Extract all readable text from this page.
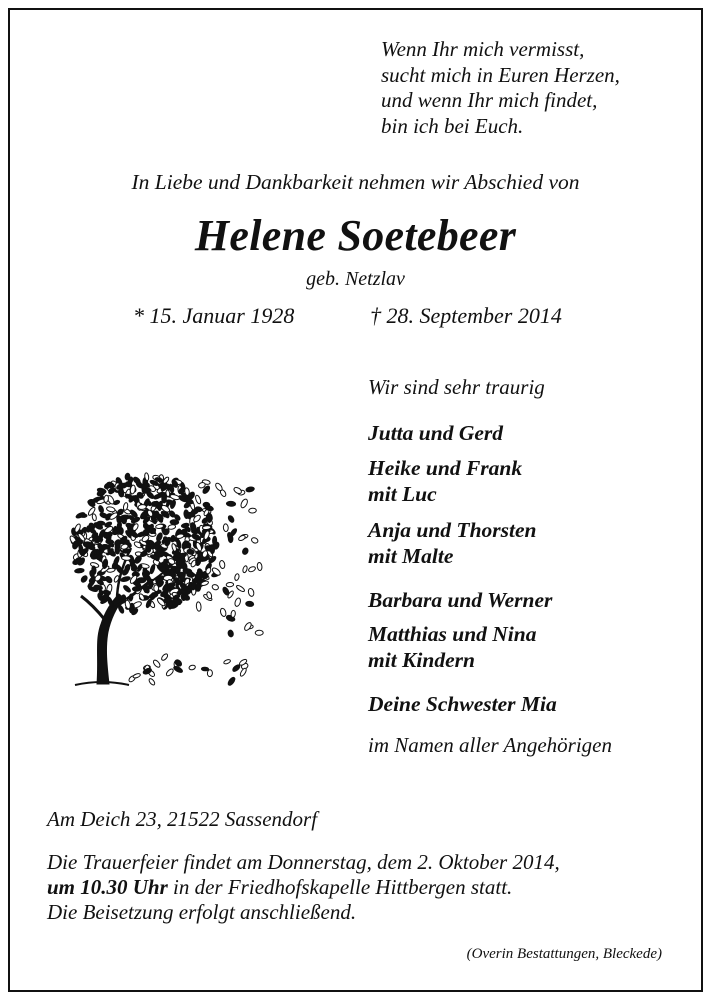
Wenn Ihr mich vermisst,
sucht mich in Euren Herzen,
und wenn Ihr mich findet,
bin ich bei Euch.
In Liebe und Dankbarkeit nehmen wir Abschied von
Helene Soetebeer
geb. Netzlav
* 15. Januar 1928	† 28. September 2014
Wir sind sehr traurig
Jutta und Gerd
Heike und Frank
mit Luc
Anja und Thorsten
mit Malte
Barbara und Werner
Matthias und Nina
mit Kindern
Deine Schwester Mia
im Namen aller Angehörigen
Am Deich 23, 21522 Sassendorf
Die Trauerfeier findet am Donnerstag, dem 2. Oktober 2014,
um 10.30 Uhr in der Friedhofskapelle Hittbergen statt.
Die Beisetzung erfolgt anschließend.
(Overin Bestattungen, Bleckede)
